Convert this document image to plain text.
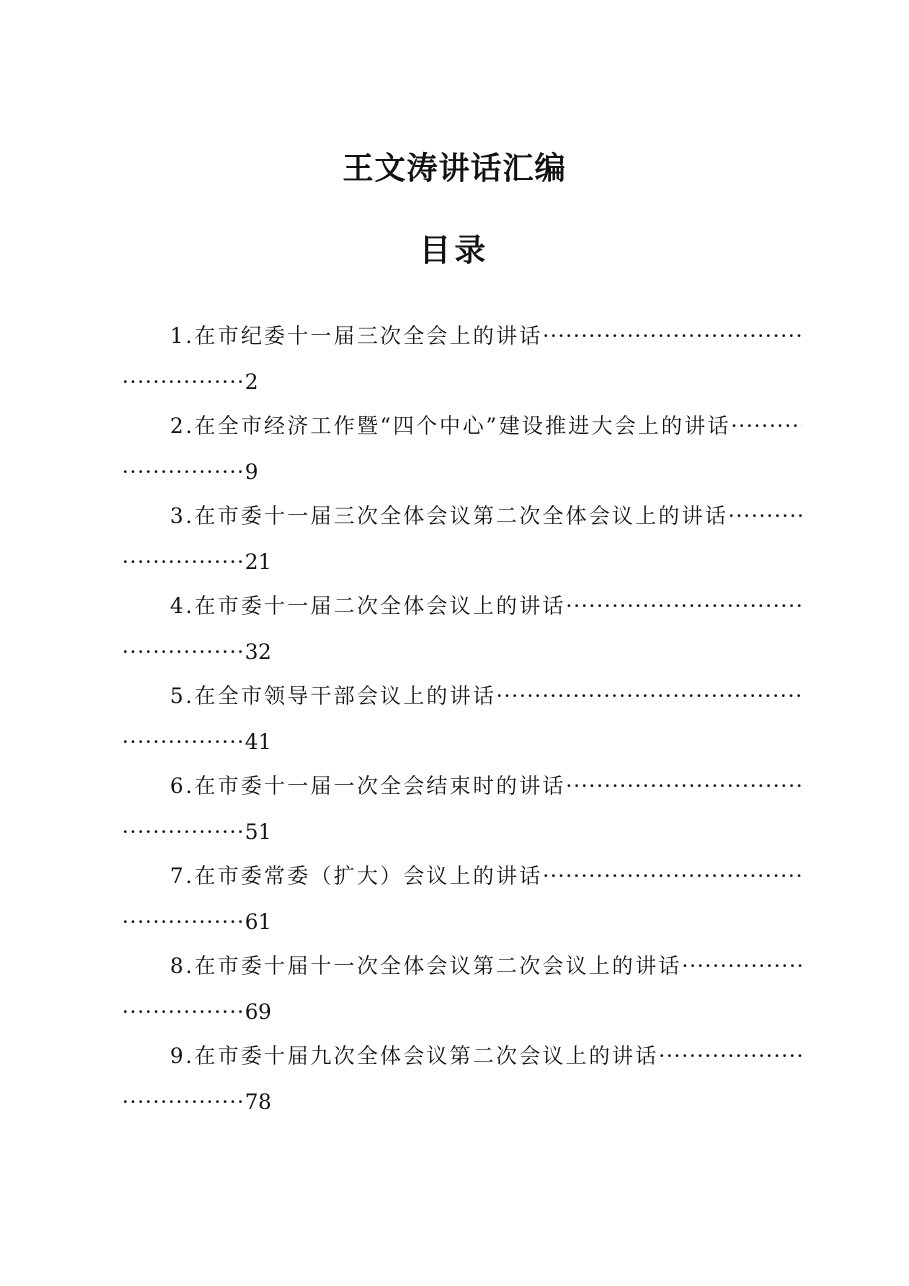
王文涛讲话汇编
目录
1.在市纪委十一届三次全会上的讲话 ·····
················2
2.在全市经济工作暨“四个中心”建设推进大会上的讲话 ·····
················9
3.在市委十一届三次全体会议第二次全体会议上的讲话 ·····
················21
4.在市委十一届二次全体会议上的讲话 ·····
················32
5.在全市领导干部会议上的讲话 ·····
················41
6.在市委十一届一次全会结束时的讲话 ·····
················51
7.在市委常委（扩大）会议上的讲话 ·····
················61
8.在市委十届十一次全体会议第二次会议上的讲话 ·····
················69
9.在市委十届九次全体会议第二次会议上的讲话 ·····
················78
